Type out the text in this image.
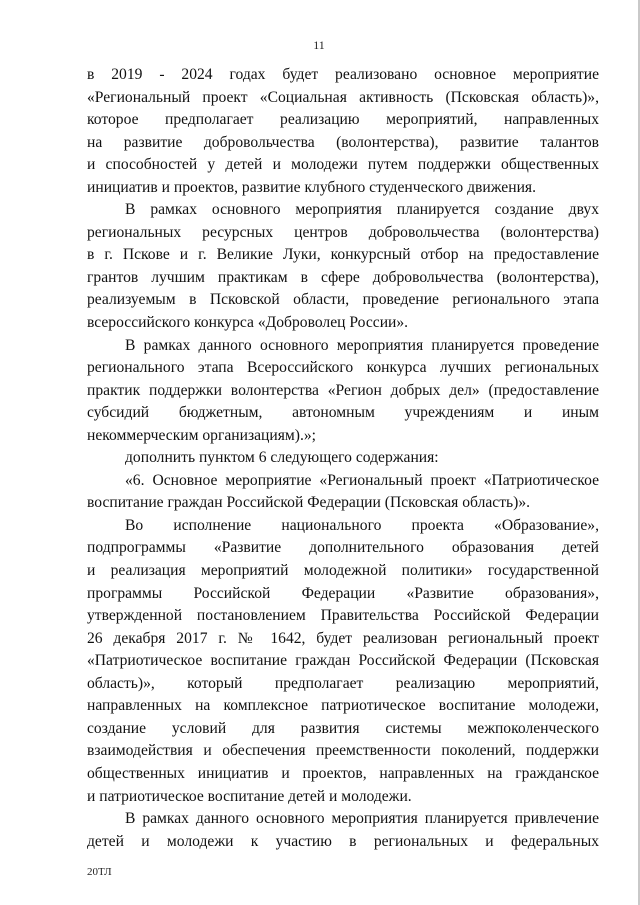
11
в 2019 - 2024 годах будет реализовано основное мероприятие
«Региональный проект «Социальная активность (Псковская область)»,
которое предполагает реализацию мероприятий, направленных
на развитие добровольчества (волонтерства), развитие талантов
и способностей у детей и молодежи путем поддержки общественных
инициатив и проектов, развитие клубного студенческого движения.
В рамках основного мероприятия планируется создание двух
региональных ресурсных центров добровольчества (волонтерства)
в г. Пскове и г. Великие Луки, конкурсный отбор на предоставление
грантов лучшим практикам в сфере добровольчества (волонтерства),
реализуемым в Псковской области, проведение регионального этапа
всероссийского конкурса «Доброволец России».
В рамках данного основного мероприятия планируется проведение
регионального этапа Всероссийского конкурса лучших региональных
практик поддержки волонтерства «Регион добрых дел» (предоставление
субсидий бюджетным, автономным учреждениям и иным
некоммерческим организациям).»;
дополнить пунктом 6 следующего содержания:
«6. Основное мероприятие «Региональный проект «Патриотическое
воспитание граждан Российской Федерации (Псковская область)».
Во исполнение национального проекта «Образование»,
подпрограммы «Развитие дополнительного образования детей
и реализация мероприятий молодежной политики» государственной
программы Российской Федерации «Развитие образования»,
утвержденной постановлением Правительства Российской Федерации
26 декабря 2017 г. № 1642, будет реализован региональный проект
«Патриотическое воспитание граждан Российской Федерации (Псковская
область)», который предполагает реализацию мероприятий,
направленных на комплексное патриотическое воспитание молодежи,
создание условий для развития системы межпоколенческого
взаимодействия и обеспечения преемственности поколений, поддержки
общественных инициатив и проектов, направленных на гражданское
и патриотическое воспитание детей и молодежи.
В рамках данного основного мероприятия планируется привлечение
детей и молодежи к участию в региональных и федеральных
20ТЛ
